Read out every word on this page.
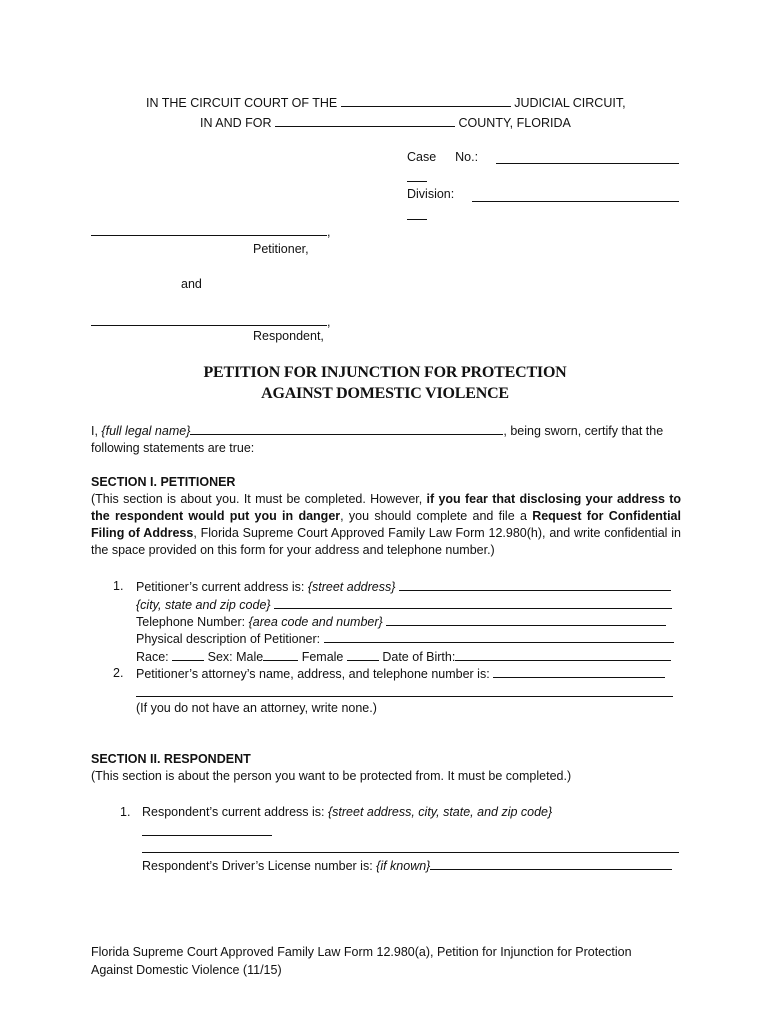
IN THE CIRCUIT COURT OF THE	JUDICIAL CIRCUIT,
IN AND FOR	COUNTY, FLORIDA
Case No.:
Division:
,
Petitioner,
and
,
Respondent,
PETITION FOR INJUNCTION FOR PROTECTION
AGAINST DOMESTIC VIOLENCE
I, {full legal name}	, being sworn, certify that the
following statements are true:
SECTION I. PETITIONER
(This section is about you. It must be completed. However, if you fear that disclosing your address to the respondent would put you in danger, you should complete and file a Request for Confidential Filing of Address, Florida Supreme Court Approved Family Law Form 12.980(h), and write confidential in the space provided on this form for your address and telephone number.)
1. Petitioner’s current address is: {street address}
{city, state and zip code}
Telephone Number: {area code and number}
Physical description of Petitioner:
Race:	Sex: Male	Female	Date of Birth:
2. Petitioner’s attorney’s name, address, and telephone number is:
(If you do not have an attorney, write none.)
SECTION II. RESPONDENT
(This section is about the person you want to be protected from. It must be completed.)
1. Respondent’s current address is: {street address, city, state, and zip code}
Respondent’s Driver’s License number is: {if known}
Florida Supreme Court Approved Family Law Form 12.980(a), Petition for Injunction for Protection
Against Domestic Violence (11/15)
